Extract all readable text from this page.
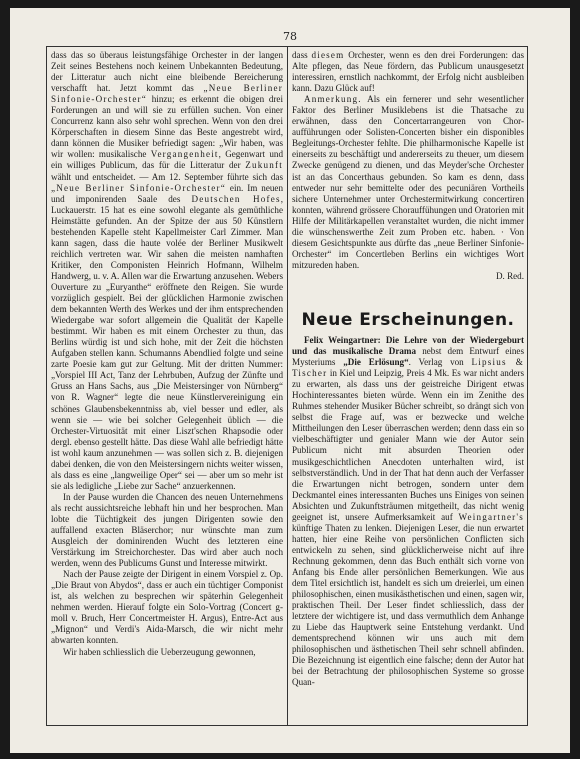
78

dass das so überaus leistungsfähige Orchester in der langen Zeit seines Bestehens noch keinem Unbekannten Bedeutung, der Litteratur auch nicht eine bleibende Bereicherung verschafft hat. Jetzt kommt das „Neue Berliner Sinfonie-Orchester“ hinzu; es erkennt die obigen drei Forderungen an und will sie zu erfüllen suchen. Von einer Concurrenz kann also sehr wohl sprechen. Wenn von den drei Körperschaften in diesem Sinne das Beste angestrebt wird, dann können die Musiker befriedigt sagen: „Wir haben, was wir wollen: musikalische Vergangenheit, Gegenwart und ein williges Publicum, das für die Litteratur der Zukunft wählt und entscheidet. — Am 12. September führte sich das „Neue Berliner Sinfonie-Orchester“ ein. Im neuen und imponirenden Saale des Deutschen Hofes, Luckauerstr. 15 hat es eine sowohl elegante als gemüthliche Heimstätte gefunden. An der Spitze der aus 50 Künstlern bestehenden Kapelle steht Kapellmeister Carl Zimmer. Man kann sagen, dass die haute volée der Berliner Musikwelt reichlich vertreten war. Wir sahen die meisten namhaften Kritiker, den Componisten Heinrich Hofmann, Wilhelm Handwerg, u. v. A. Allen war die Erwartung anzusehen. Webers Ouverture zu „Euryanthe“ eröffnete den Reigen. Sie wurde vorzüglich gespielt. Bei der glücklichen Harmonie zwischen dem bekannten Werth des Werkes und der ihm entsprechenden Wiedergabe war sofort allgemein die Qualität der Kapelle bestimmt. Wir haben es mit einem Orchester zu thun, das Berlins würdig ist und sich hohe, mit der Zeit die höchsten Aufgaben stellen kann. Schumanns Abendlied folgte und seine zarte Poesie kam gut zur Geltung. Mit der dritten Nummer: „Vorspiel III Act, Tanz der Lehrbuben, Aufzug der Zünfte und Gruss an Hans Sachs, aus „Die Meistersinger von Nürnberg“ von R. Wagner“ legte die neue Künstlervereinigung ein schönes Glaubensbekenntniss ab, viel besser und edler, als wenn sie — wie bei solcher Gelegenheit üblich — die Orchester-Virtuosität mit einer Liszt'schen Rhapsodie oder dergl. ebenso gestellt hätte. Das diese Wahl alle befriedigt hätte ist wohl kaum anzunehmen — was sollen sich z. B. diejenigen dabei denken, die von den Meistersingern nichts weiter wissen, als dass es eine „langweilige Oper“ sei — aber um so mehr ist sie als ledigliche „Liebe zur Sache“ anzuerkennen.

In der Pause wurden die Chancen des neuen Unternehmens als recht aussichtsreiche lebhaft hin und her besprochen. Man lobte die Tüchtigkeit des jungen Dirigenten sowie den auffallend exacten Bläserchor; nur wünschte man zum Ausgleich der dominirenden Wucht des letzteren eine Verstärkung im Streichorchester. Das wird aber auch noch werden, wenn des Publicums Gunst und Interesse mitwirkt.

Nach der Pause zeigte der Dirigent in einem Vorspiel z. Op. „Die Braut von Abydos“, dass er auch ein tüchtiger Componist ist, als welchen zu besprechen wir späterhin Gelegenheit nehmen werden. Hierauf folgte ein Solo-Vortrag (Concert g-moll v. Bruch, Herr Concertmeister H. Argus), Entre-Act aus „Mignon“ und Verdi's Aida-Marsch, die wir nicht mehr abwarten konnten.

Wir haben schliesslich die Ueberzeugung gewonnen,

dass diesem Orchester, wenn es den drei Forderungen: das Alte pflegen, das Neue fördern, das Publicum unausgesetzt interessiren, ernstlich nachkommt, der Erfolg nicht ausbleiben kann. Dazu Glück auf!

Anmerkung. Als ein fernerer und sehr wesentlicher Faktor des Berliner Musiklebens ist die Thatsache zu erwähnen, dass den Concertarrangeuren von Chor-aufführungen oder Solisten-Concerten bisher ein disponibles Begleitungs-Orchester fehlte. Die philharmonische Kapelle ist einerseits zu beschäftigt und andererseits zu theuer, um diesem Zwecke genügend zu dienen, und das Meyder'sche Orchester ist an das Concerthaus gebunden. So kam es denn, dass entweder nur sehr bemittelte oder des pecuniären Vortheils sichere Unternehmer unter Orchestermitwirkung concertiren konnten, während grössere Chorauffühungen und Oratorien mit Hilfe der Militärkapellen veranstaltet wurden, die nicht immer die wünschenswerthe Zeit zum Proben etc. haben. · Von diesem Gesichtspunkte aus dürfte das „neue Berliner Sinfonie-Orchester“ im Concertleben Berlins ein wichtiges Wort mitzureden haben.

D. Red.
Neue Erscheinungen.

Felix Weingartner: Die Lehre von der Wiedergeburt und das musikalische Drama nebst dem Entwurf eines Mysteriums „Die Erlösung“. Verlag von Lipsius & Tischer in Kiel und Leipzig, Preis 4 Mk. Es war nicht anders zu erwarten, als dass uns der geistreiche Dirigent etwas Hochinteressantes bieten würde. Wenn ein im Zenithe des Ruhmes stehender Musiker Bücher schreibt, so drängt sich von selbst die Frage auf, was er bezwecke und welche Mittheilungen den Leser überraschen werden; denn dass ein so vielbeschäftigter und genialer Mann wie der Autor sein Publicum nicht mit absurden Theorien oder musikgeschichtlichen Anecdoten unterhalten wird, ist selbstverständlich. Und in der That hat denn auch der Verfasser die Erwartungen nicht betrogen, sondern unter dem Deckmantel eines interessanten Buches uns Einiges von seinen Absichten und Zukunftsträumen mitgetheilt, das nicht wenig geeignet ist, unsere Aufmerksamkeit auf Weingartner's künftige Thaten zu lenken. Diejenigen Leser, die nun erwartet hatten, hier eine Reihe von persönlichen Conflicten sich entwickeln zu sehen, sind glücklicherweise nicht auf ihre Rechnung gekommen, denn das Buch enthält sich vorne von Anfang bis Ende aller persönlichen Bemerkungen. Wie aus dem Titel ersichtlich ist, handelt es sich um dreierlei, um einen philosophischen, einen musikästhetischen und einen, sagen wir, praktischen Theil. Der Leser findet schliesslich, dass der letztere der wichtigere ist, und dass vermuthlich dem Anhange zu Liebe das Hauptwerk seine Entstehung verdankt. Und dementsprechend können wir uns auch mit dem philosophischen und ästhetischen Theil sehr schnell abfinden. Die Bezeichnung ist eigentlich eine falsche; denn der Autor hat bei der Betrachtung der philosophischen Systeme so grosse Quan-
